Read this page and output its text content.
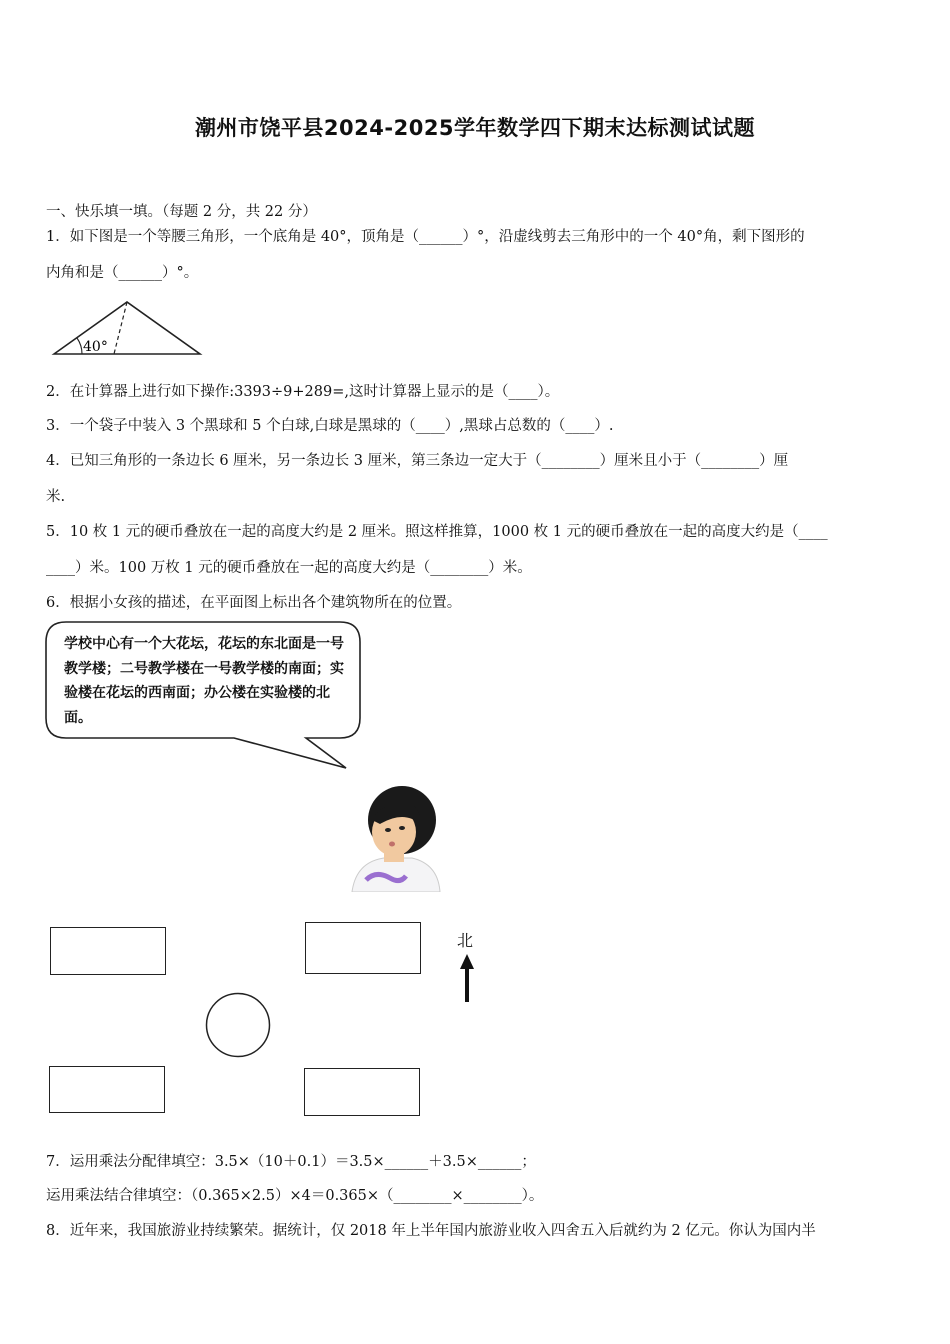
潮州市饶平县2024-2025学年数学四下期末达标测试试题
一、快乐填一填。（每题 2 分，共 22 分）
1．如下图是一个等腰三角形，一个底角是 40°，顶角是（______）°，沿虚线剪去三角形中的一个 40°角，剩下图形的
内角和是（______）°。
40°
2．在计算器上进行如下操作:3393÷9+289=,这时计算器上显示的是（____）。
3．一个袋子中装入 3 个黑球和 5 个白球,白球是黑球的（____）,黑球占总数的（____）.
4．已知三角形的一条边长 6 厘米，另一条边长 3 厘米，第三条边一定大于（________）厘米且小于（________）厘
米.
5．10 枚 1 元的硬币叠放在一起的高度大约是 2 厘米。照这样推算，1000 枚 1 元的硬币叠放在一起的高度大约是（____
____）米。100 万枚 1 元的硬币叠放在一起的高度大约是（________）米。
6．根据小女孩的描述，在平面图上标出各个建筑物所在的位置。
学校中心有一个大花坛，花坛的东北面是一号教学楼；二号教学楼在一号教学楼的南面；实验楼在花坛的西南面；办公楼在实验楼的北面。
北
7．运用乘法分配律填空：3.5×（10＋0.1）＝3.5×______＋3.5×______；
运用乘法结合律填空：（0.365×2.5）×4＝0.365×（________×________）。
8．近年来，我国旅游业持续繁荣。据统计，仅 2018 年上半年国内旅游业收入四舍五入后就约为 2 亿元。你认为国内半
